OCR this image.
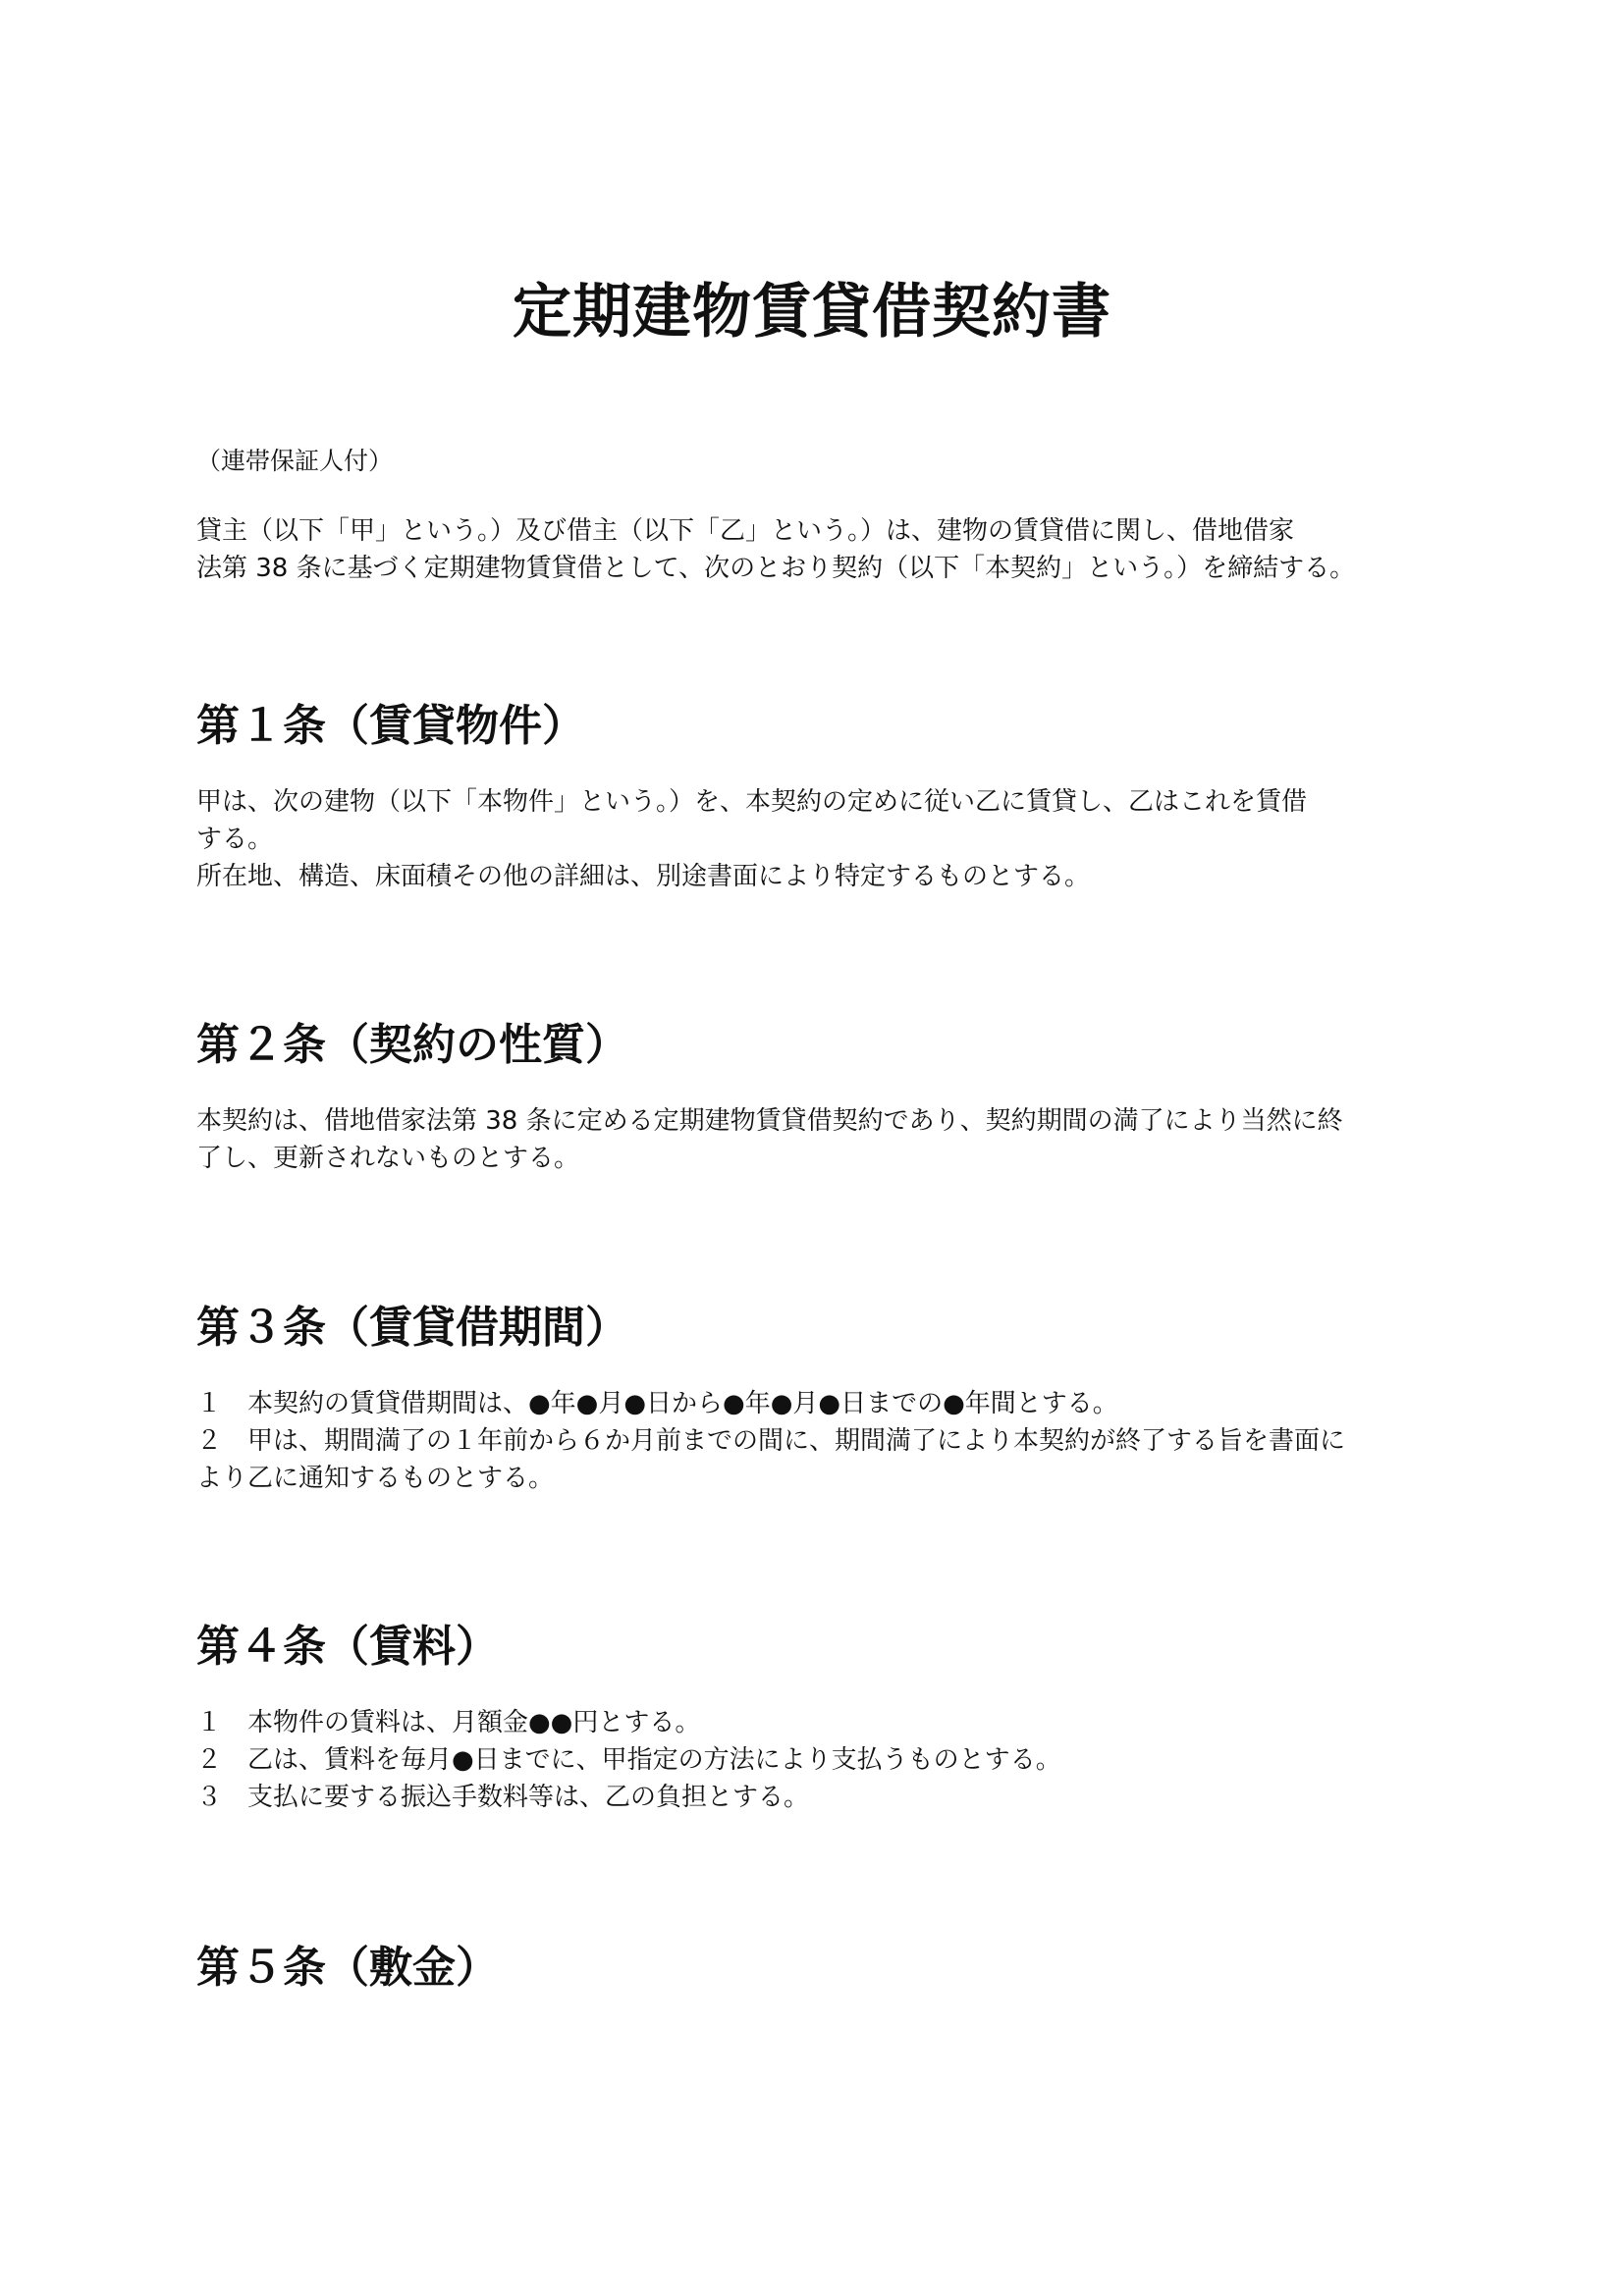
定期建物賃貸借契約書

（連帯保証人付）

貸主（以下「甲」という。）及び借主（以下「乙」という。）は、建物の賃貸借に関し、借地借家
法第 38 条に基づく定期建物賃貸借として、次のとおり契約（以下「本契約」という。）を締結する。

第１条（賃貸物件）

甲は、次の建物（以下「本物件」という。）を、本契約の定めに従い乙に賃貸し、乙はこれを賃借
する。
所在地、構造、床面積その他の詳細は、別途書面により特定するものとする。

第２条（契約の性質）

本契約は、借地借家法第 38 条に定める定期建物賃貸借契約であり、契約期間の満了により当然に終
了し、更新されないものとする。

第３条（賃貸借期間）

１　本契約の賃貸借期間は、●年●月●日から●年●月●日までの●年間とする。
２　甲は、期間満了の１年前から６か月前までの間に、期間満了により本契約が終了する旨を書面に
より乙に通知するものとする。

第４条（賃料）

１　本物件の賃料は、月額金●●円とする。
２　乙は、賃料を毎月●日までに、甲指定の方法により支払うものとする。
３　支払に要する振込手数料等は、乙の負担とする。

第５条（敷金）
